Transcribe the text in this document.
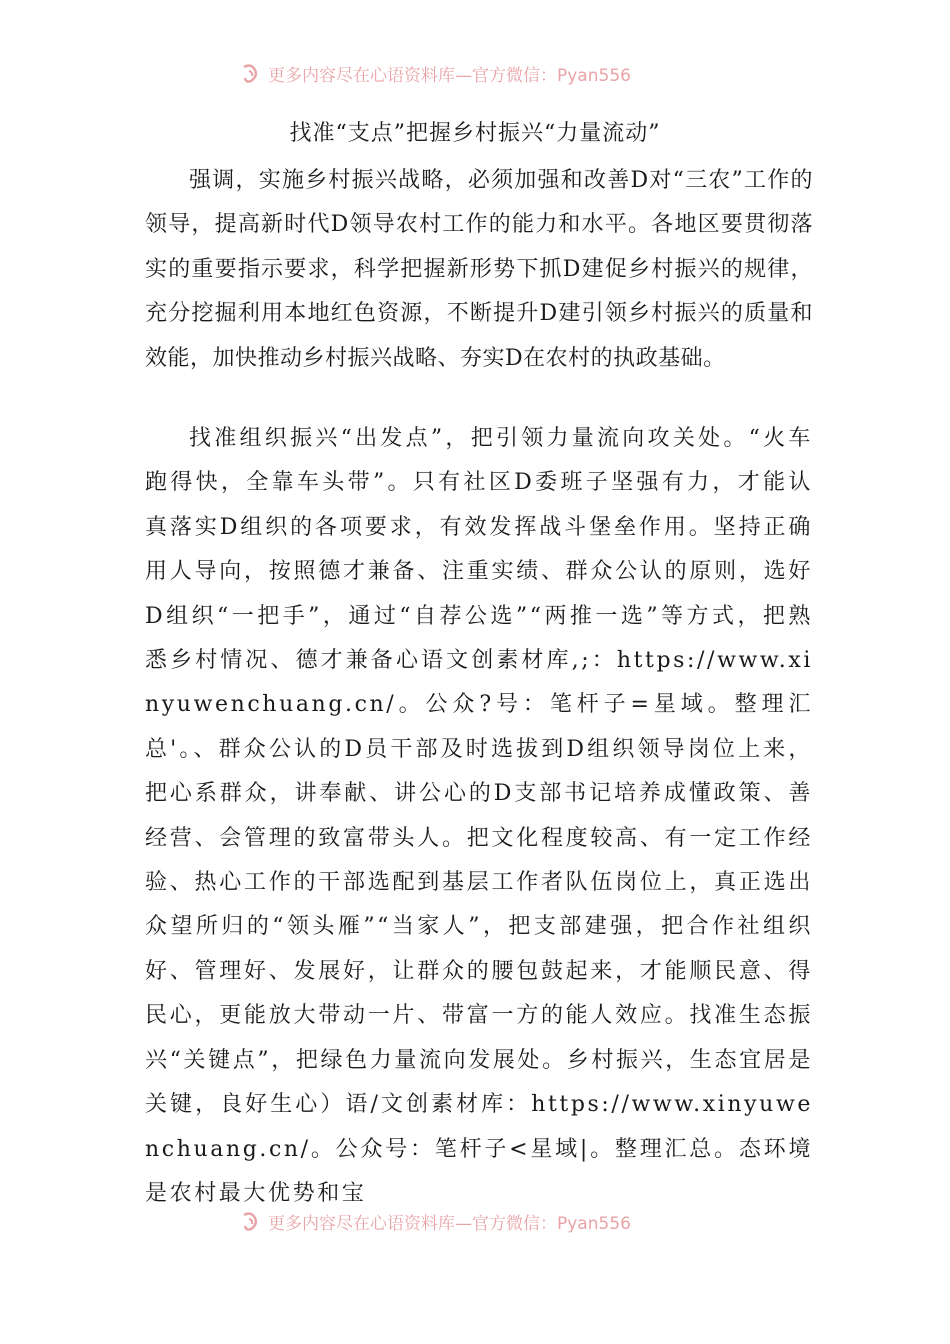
更多内容尽在心语资料库—官方微信：Pyan556
找准“支点”把握乡村振兴“力量流动”

强调，实施乡村振兴战略，必须加强和改善D对“三农”工作的领导，提高新时代D领导农村工作的能力和水平。各地区要贯彻落实的重要指示要求，科学把握新形势下抓D建促乡村振兴的规律，充分挖掘利用本地红色资源，不断提升D建引领乡村振兴的质量和效能，加快推动乡村振兴战略、夯实D在农村的执政基础。

找准组织振兴“出发点”，把引领力量流向攻关处。“火车跑得快，全靠车头带”。只有社区D委班子坚强有力，才能认真落实D组织的各项要求，有效发挥战斗堡垒作用。坚持正确用人导向，按照德才兼备、注重实绩、群众公认的原则，选好D组织“一把手”，通过“自荐公选”“两推一选”等方式，把熟悉乡村情况、德才兼备心语文创素材库,;：https://www.xinyuwenchuang.cn/。公众?号：笔杆子=星域。整理汇总'。、群众公认的D员干部及时选拔到D组织领导岗位上来，把心系群众，讲奉献、讲公心的D支部书记培养成懂政策、善经营、会管理的致富带头人。把文化程度较高、有一定工作经验、热心工作的干部选配到基层工作者队伍岗位上，真正选出众望所归的“领头雁”“当家人”，把支部建强，把合作社组织好、管理好、发展好，让群众的腰包鼓起来，才能顺民意、得民心，更能放大带动一片、带富一方的能人效应。找准生态振兴“关键点”，把绿色力量流向发展处。乡村振兴，生态宜居是关键，良好生心）语/文创素材库：https://www.xinyuwenchuang.cn/。公众号：笔杆子<星域|。整理汇总。态环境是农村最大优势和宝

更多内容尽在心语资料库—官方微信：Pyan556
